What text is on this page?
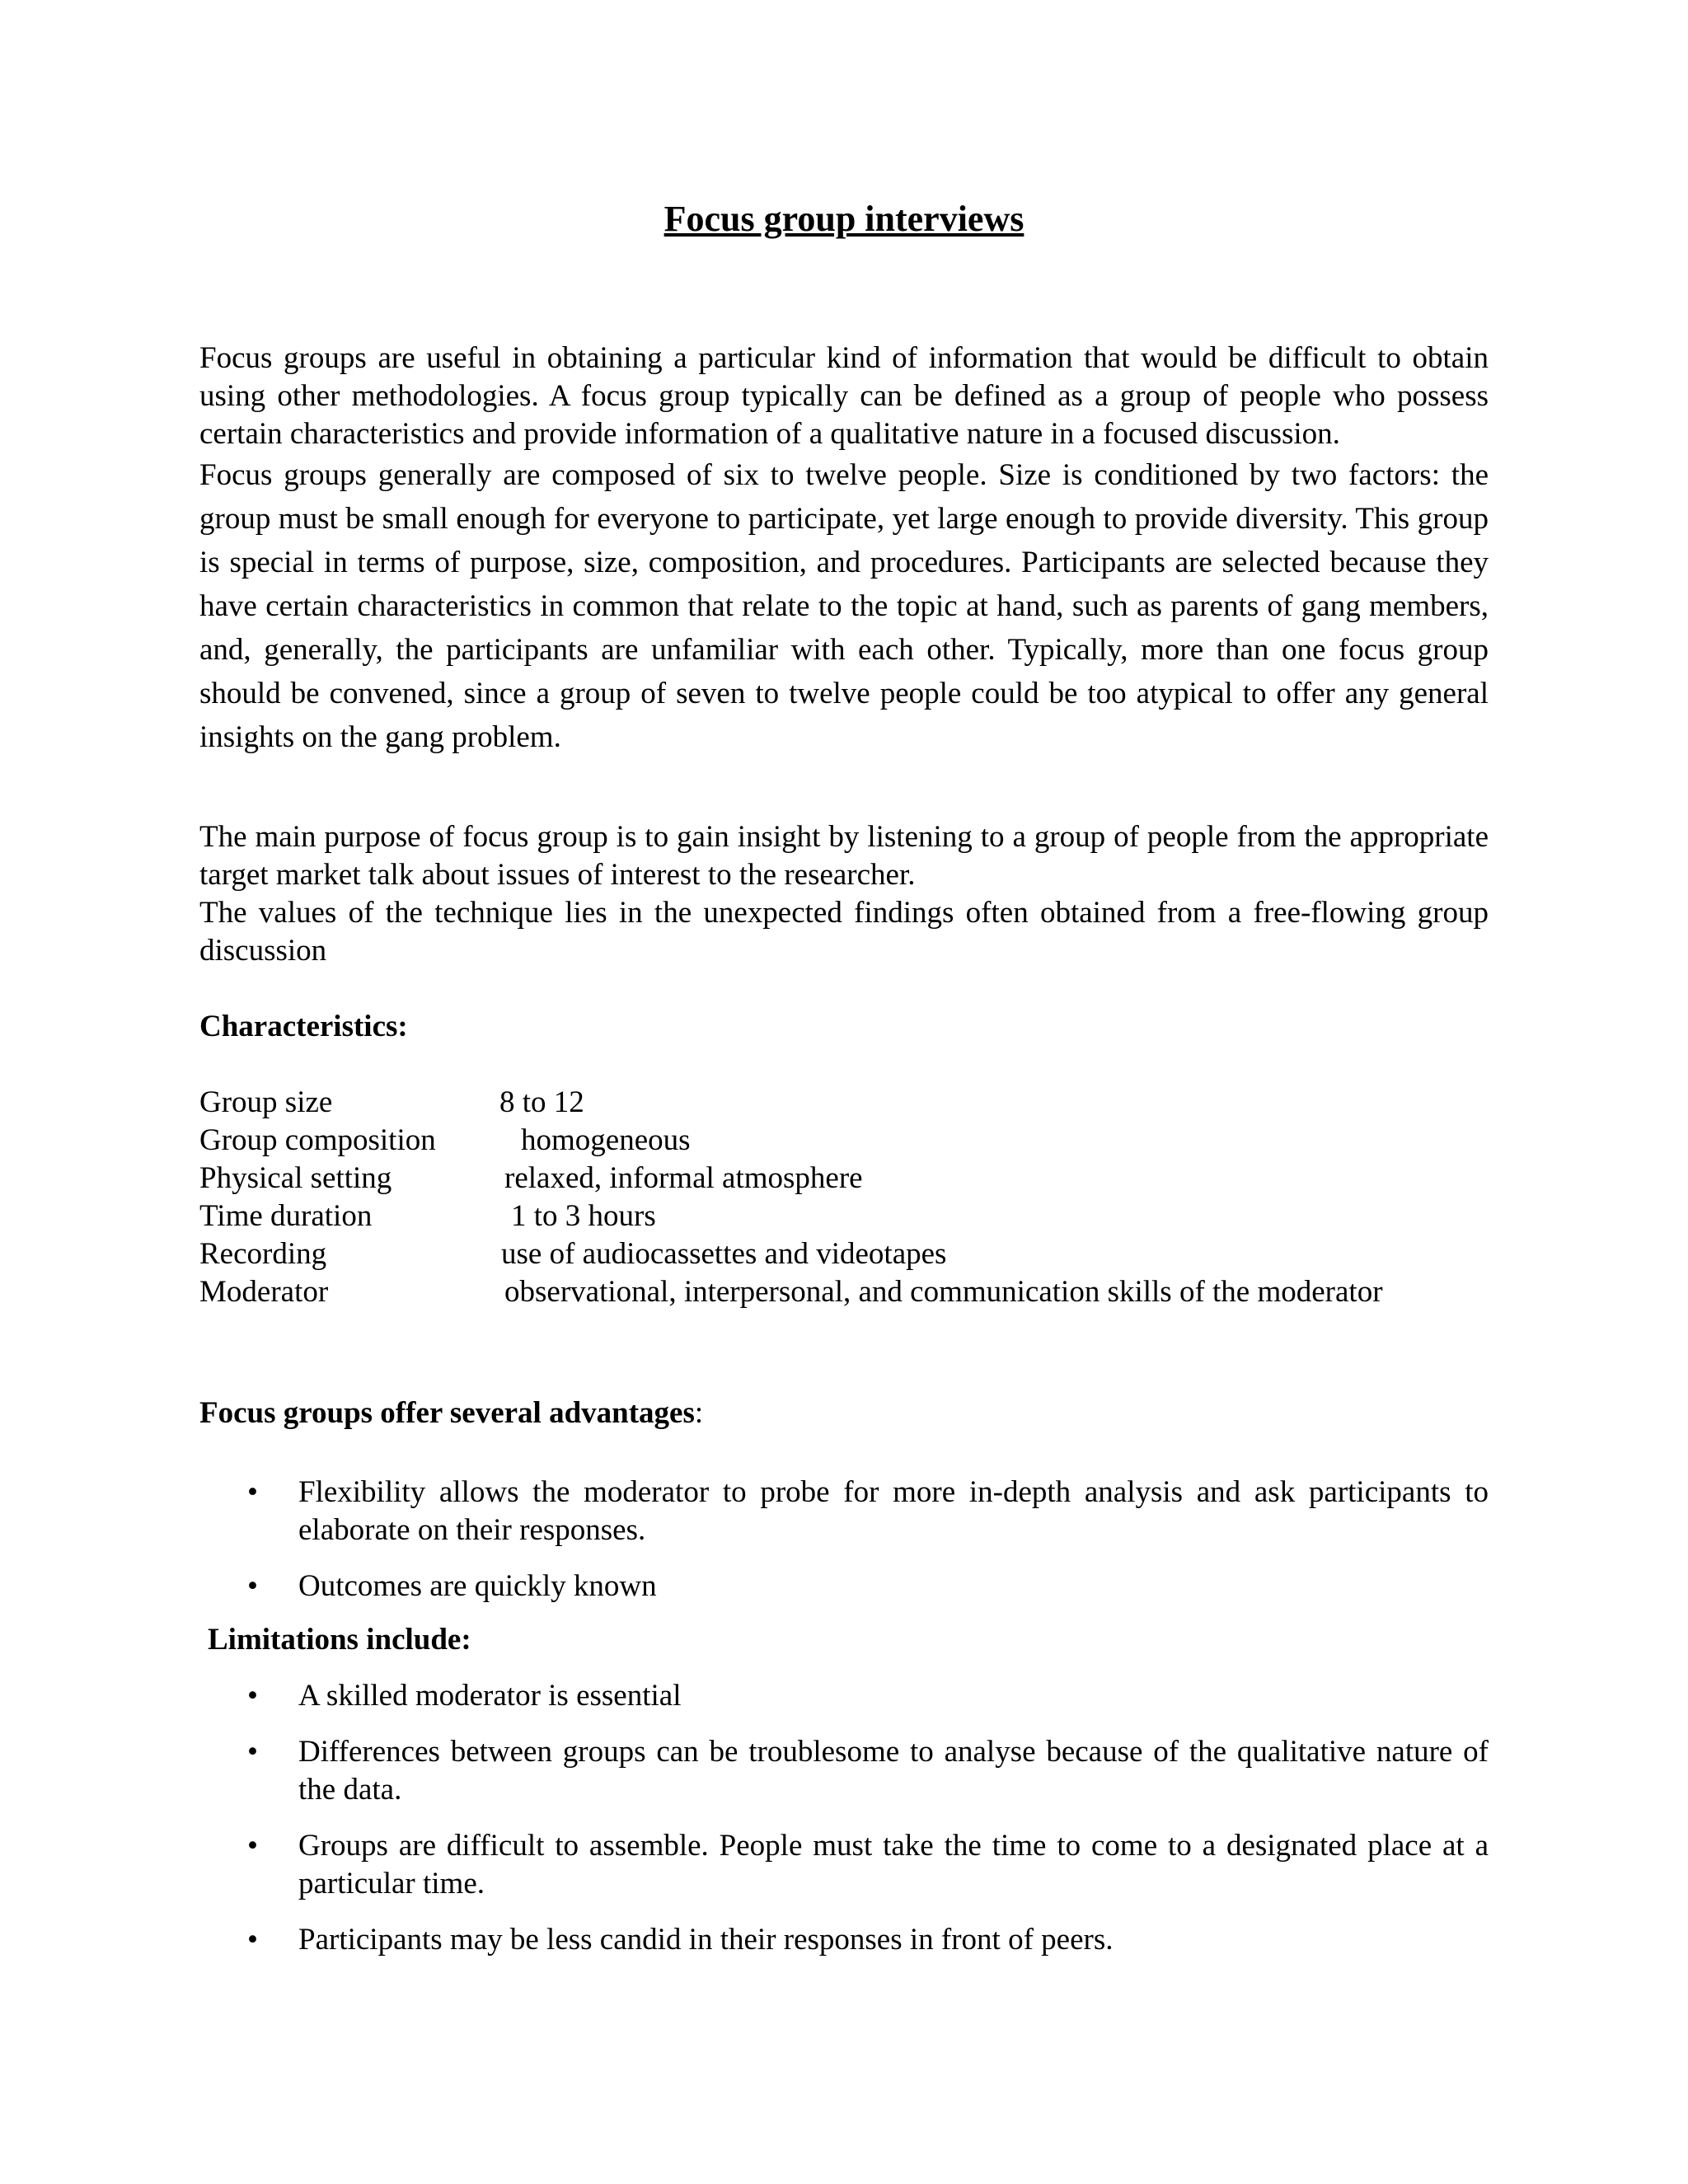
Focus group interviews

Focus groups are useful in obtaining a particular kind of information that would be difficult to obtain using other methodologies. A focus group typically can be defined as a group of people who possess certain characteristics and provide information of a qualitative nature in a focused discussion.

Focus groups generally are composed of six to twelve people. Size is conditioned by two factors: the group must be small enough for everyone to participate, yet large enough to provide diversity. This group is special in terms of purpose, size, composition, and procedures. Participants are selected because they have certain characteristics in common that relate to the topic at hand, such as parents of gang members, and, generally, the participants are unfamiliar with each other. Typically, more than one focus group should be convened, since a group of seven to twelve people could be too atypical to offer any general insights on the gang problem.

The main purpose of focus group is to gain insight by listening to a group of people from the appropriate target market talk about issues of interest to the researcher.

The values of the technique lies in the unexpected findings often obtained from a free-flowing group discussion

Characteristics:

Group size	8 to 12
Group composition	homogeneous
Physical setting	relaxed, informal atmosphere
Time duration	1 to 3 hours
Recording	use of audiocassettes and videotapes
Moderator	observational, interpersonal, and communication skills of the moderator

Focus groups offer several advantages:

• Flexibility allows the moderator to probe for more in-depth analysis and ask participants to elaborate on their responses.
• Outcomes are quickly known

Limitations include:

• A skilled moderator is essential
• Differences between groups can be troublesome to analyse because of the qualitative nature of the data.
• Groups are difficult to assemble. People must take the time to come to a designated place at a particular time.
• Participants may be less candid in their responses in front of peers.
